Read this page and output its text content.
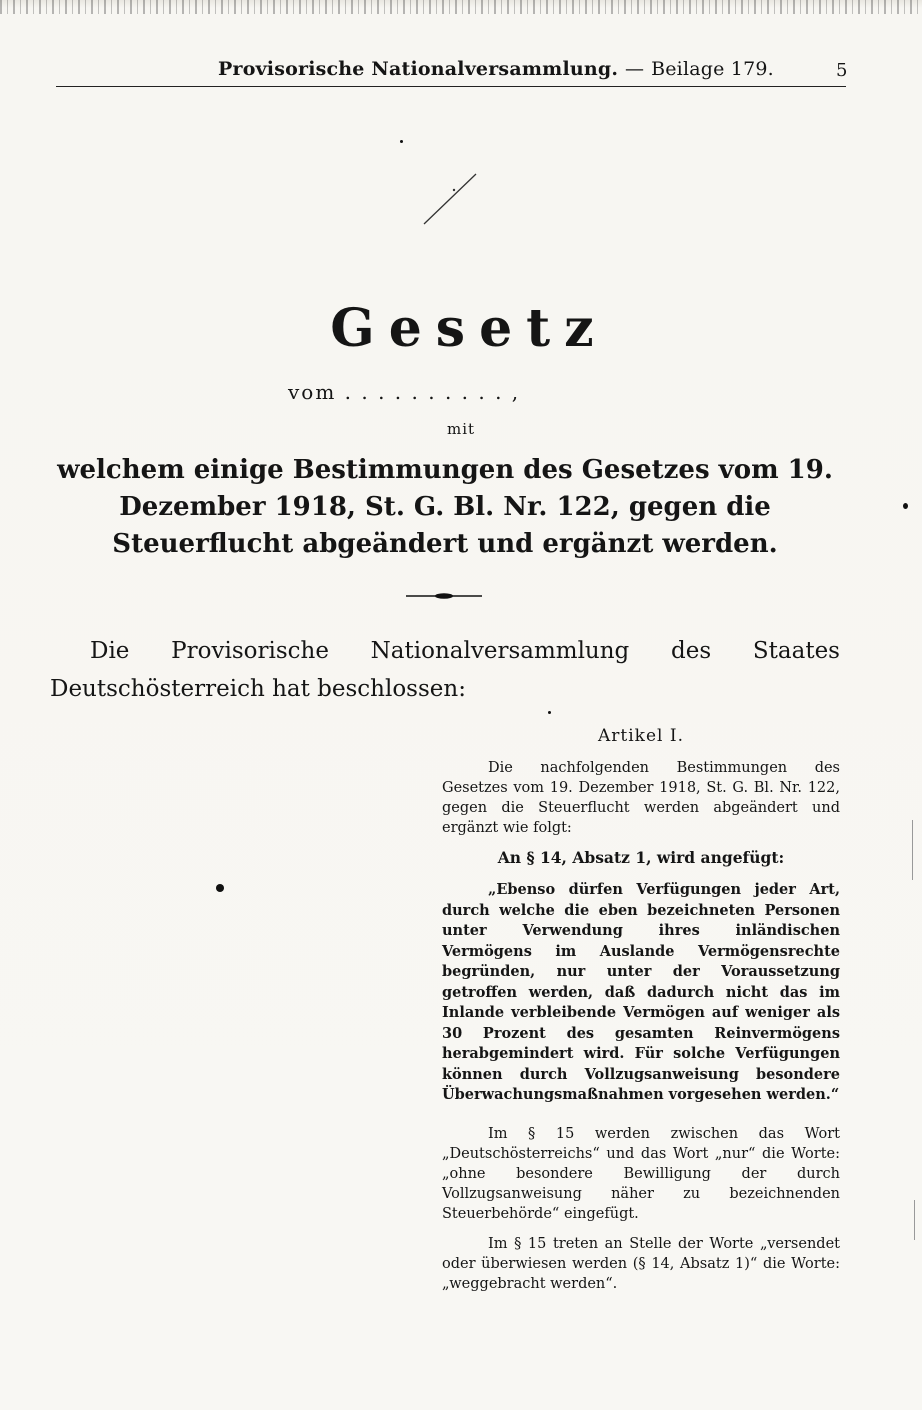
Provisorische Nationalversammlung. — Beilage 179.	5
Gesetz
vom . . . . . . . . . . ,
mit
welchem einige Bestimmungen des Gesetzes vom 19. Dezember 1918, St. G. Bl. Nr. 122, gegen die Steuerflucht abgeändert und ergänzt werden.
Die Provisorische Nationalversammlung des Staates Deutschösterreich hat beschlossen:
Artikel I.

Die nachfolgenden Bestimmungen des Gesetzes vom 19. Dezember 1918, St. G. Bl. Nr. 122, gegen die Steuerflucht werden abgeändert und ergänzt wie folgt:

An § 14, Absatz 1, wird angefügt:

„Ebenso dürfen Verfügungen jeder Art, durch welche die eben bezeichneten Personen unter Verwendung ihres inländischen Vermögens im Auslande Vermögensrechte begründen, nur unter der Voraussetzung getroffen werden, daß dadurch nicht das im Inlande verbleibende Vermögen auf weniger als 30 Prozent des gesamten Reinvermögens herabgemindert wird. Für solche Verfügungen können durch Vollzugsanweisung besondere Überwachungsmaßnahmen vorgesehen werden.“

Im § 15 werden zwischen das Wort „Deutschösterreichs“ und das Wort „nur“ die Worte: „ohne besondere Bewilligung der durch Vollzugsanweisung näher zu bezeichnenden Steuerbehörde“ eingefügt.

Im § 15 treten an Stelle der Worte „versendet oder überwiesen werden (§ 14, Absatz 1)“ die Worte: „weggebracht werden“.
